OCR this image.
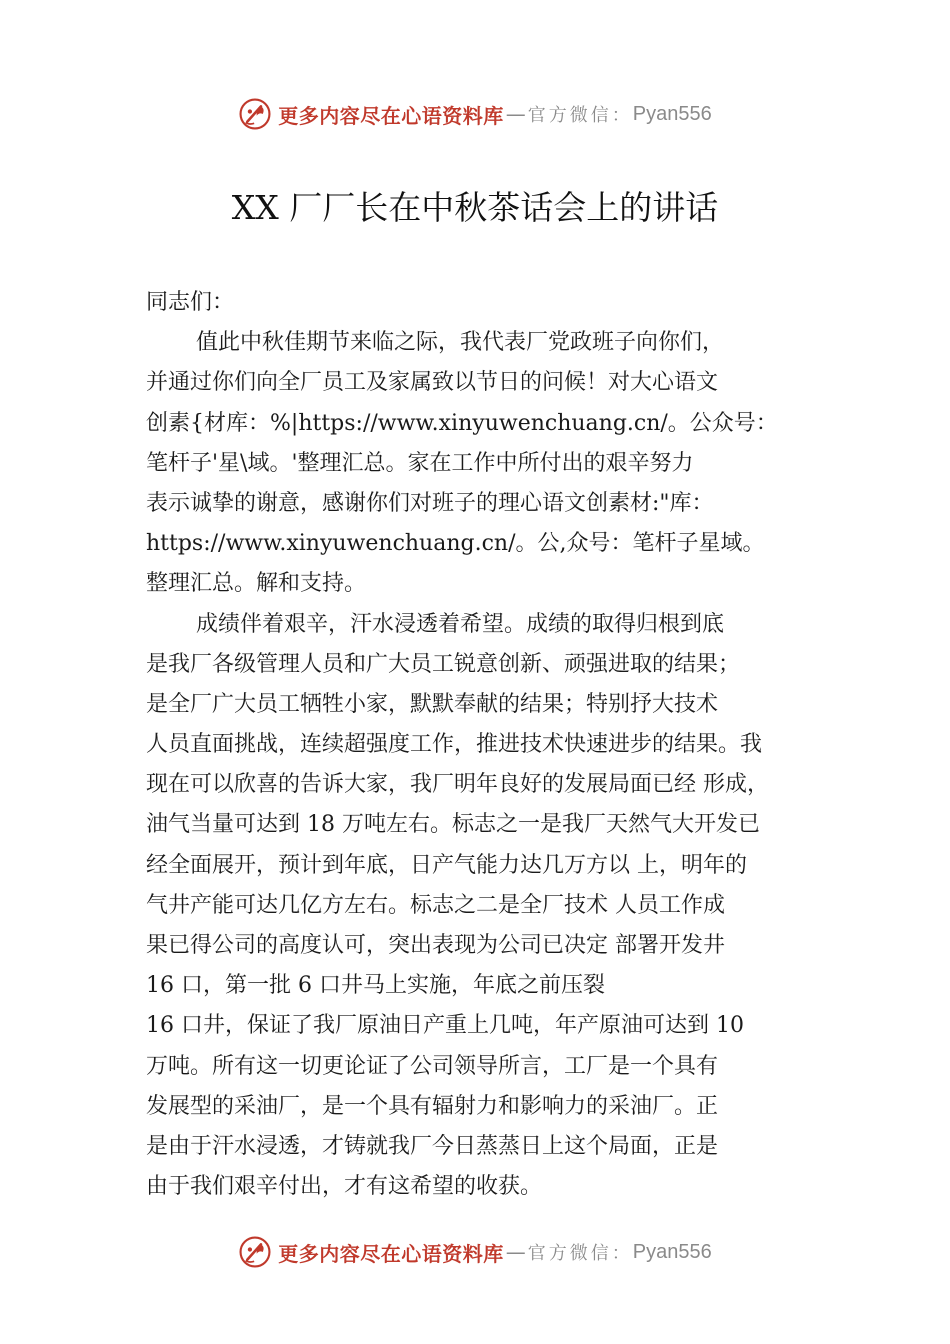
更多内容尽在心语资料库 — 官方微信： Pyan556
XX 厂厂长在中秋茶话会上的讲话
同志们：
值此中秋佳期节来临之际，我代表厂党政班子向你们，
并通过你们向全厂员工及家属致以节日的问候！对大心语文
创素{材库：%|https://www.xinyuwenchuang.cn/。公众号：
笔杆子'星\域。'整理汇总。家在工作中所付出的艰辛努力
表示诚挚的谢意，感谢你们对班子的理心语文创素材:"库：
https://www.xinyuwenchuang.cn/。公,众号：笔杆子星域。
整理汇总。解和支持。
成绩伴着艰辛，汗水浸透着希望。成绩的取得归根到底
是我厂各级管理人员和广大员工锐意创新、顽强进取的结果；
是全厂广大员工牺牲小家，默默奉献的结果；特别抒大技术
人员直面挑战，连续超强度工作，推进技术快速进步的结果。我
现在可以欣喜的告诉大家，我厂明年良好的发展局面已经 形成，
油气当量可达到 18 万吨左右。标志之一是我厂天然气大开发已
经全面展开，预计到年底，日产气能力达几万方以 上，明年的
气井产能可达几亿方左右。标志之二是全厂技术 人员工作成
果已得公司的高度认可，突出表现为公司已决定 部署开发井
16 口，第一批 6 口井马上实施，年底之前压裂
16 口井，保证了我厂原油日产重上几吨，年产原油可达到 10
万吨。所有这一切更论证了公司领导所言，工厂是一个具有
发展型的采油厂，是一个具有辐射力和影响力的采油厂。正
是由于汗水浸透，才铸就我厂今日蒸蒸日上这个局面，正是
由于我们艰辛付出，才有这希望的收获。
更多内容尽在心语资料库 — 官方微信： Pyan556
